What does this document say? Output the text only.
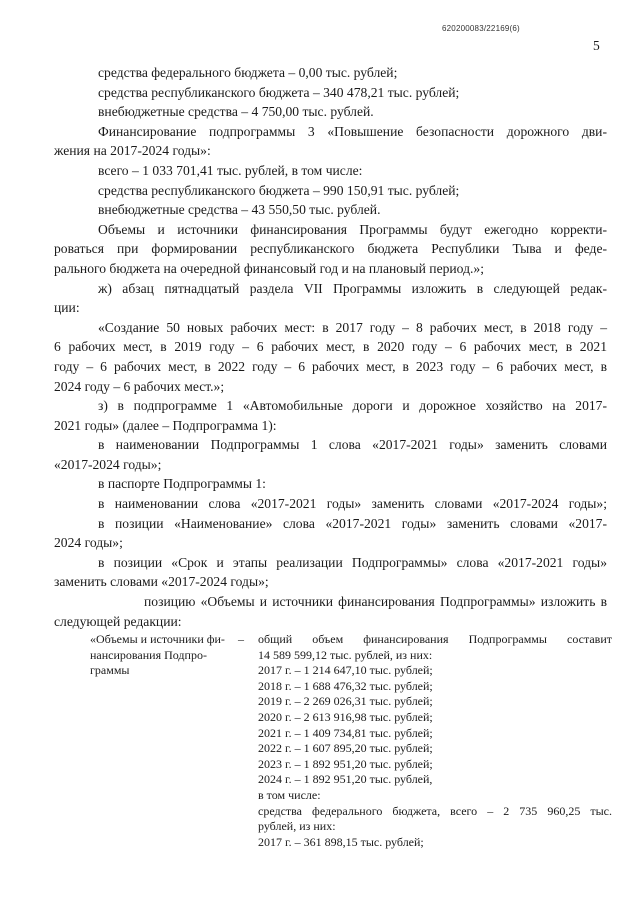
620200083/22169(6)
5
средства федерального бюджета – 0,00 тыс. рублей;
средства республиканского бюджета – 340 478,21 тыс. рублей;
внебюджетные средства – 4 750,00 тыс. рублей.
Финансирование подпрограммы 3 «Повышение безопасности дорожного дви-
жения на 2017-2024 годы»:
всего – 1 033 701,41 тыс. рублей, в том числе:
средства республиканского бюджета – 990 150,91 тыс. рублей;
внебюджетные средства – 43 550,50 тыс. рублей.
Объемы и источники финансирования Программы будут ежегодно корректи-
роваться при формировании республиканского бюджета Республики Тыва и феде-
рального бюджета на очередной финансовый год и на плановый период.»;
ж) абзац пятнадцатый раздела VII Программы изложить в следующей редак-
ции:
«Создание 50 новых рабочих мест: в 2017 году – 8 рабочих мест, в 2018 году –
6 рабочих мест, в 2019 году – 6 рабочих мест, в 2020 году – 6 рабочих мест, в 2021
году – 6 рабочих мест, в 2022 году – 6 рабочих мест, в 2023 году – 6 рабочих мест, в
2024 году – 6 рабочих мест.»;
з) в подпрограмме 1 «Автомобильные дороги и дорожное хозяйство на 2017-
2021 годы» (далее – Подпрограмма 1):
в наименовании Подпрограммы 1 слова «2017-2021 годы» заменить словами
«2017-2024 годы»;
в паспорте Подпрограммы 1:
в наименовании слова «2017-2021 годы» заменить словами «2017-2024 годы»;
в позиции «Наименование» слова «2017-2021 годы» заменить словами «2017-
2024 годы»;
в позиции «Срок и этапы реализации Подпрограммы» слова «2017-2021 годы»
заменить словами «2017-2024 годы»;
позицию «Объемы и источники финансирования Подпрограммы» изложить в
следующей редакции:
«Объемы и источники фи-
нансирования Подпро-
граммы
	–	общий объем финансирования Подпрограммы составит
14 589 599,12 тыс. рублей, из них:
2017 г. – 1 214 647,10 тыс. рублей;
2018 г. – 1 688 476,32 тыс. рублей;
2019 г. – 2 269 026,31 тыс. рублей;
2020 г. – 2 613 916,98 тыс. рублей;
2021 г. – 1 409 734,81 тыс. рублей;
2022 г. – 1 607 895,20 тыс. рублей;
2023 г. – 1 892 951,20 тыс. рублей;
2024 г. – 1 892 951,20 тыс. рублей,
в том числе:
средства федерального бюджета, всего – 2 735 960,25 тыс.
рублей, из них:
2017 г. – 361 898,15 тыс. рублей;
